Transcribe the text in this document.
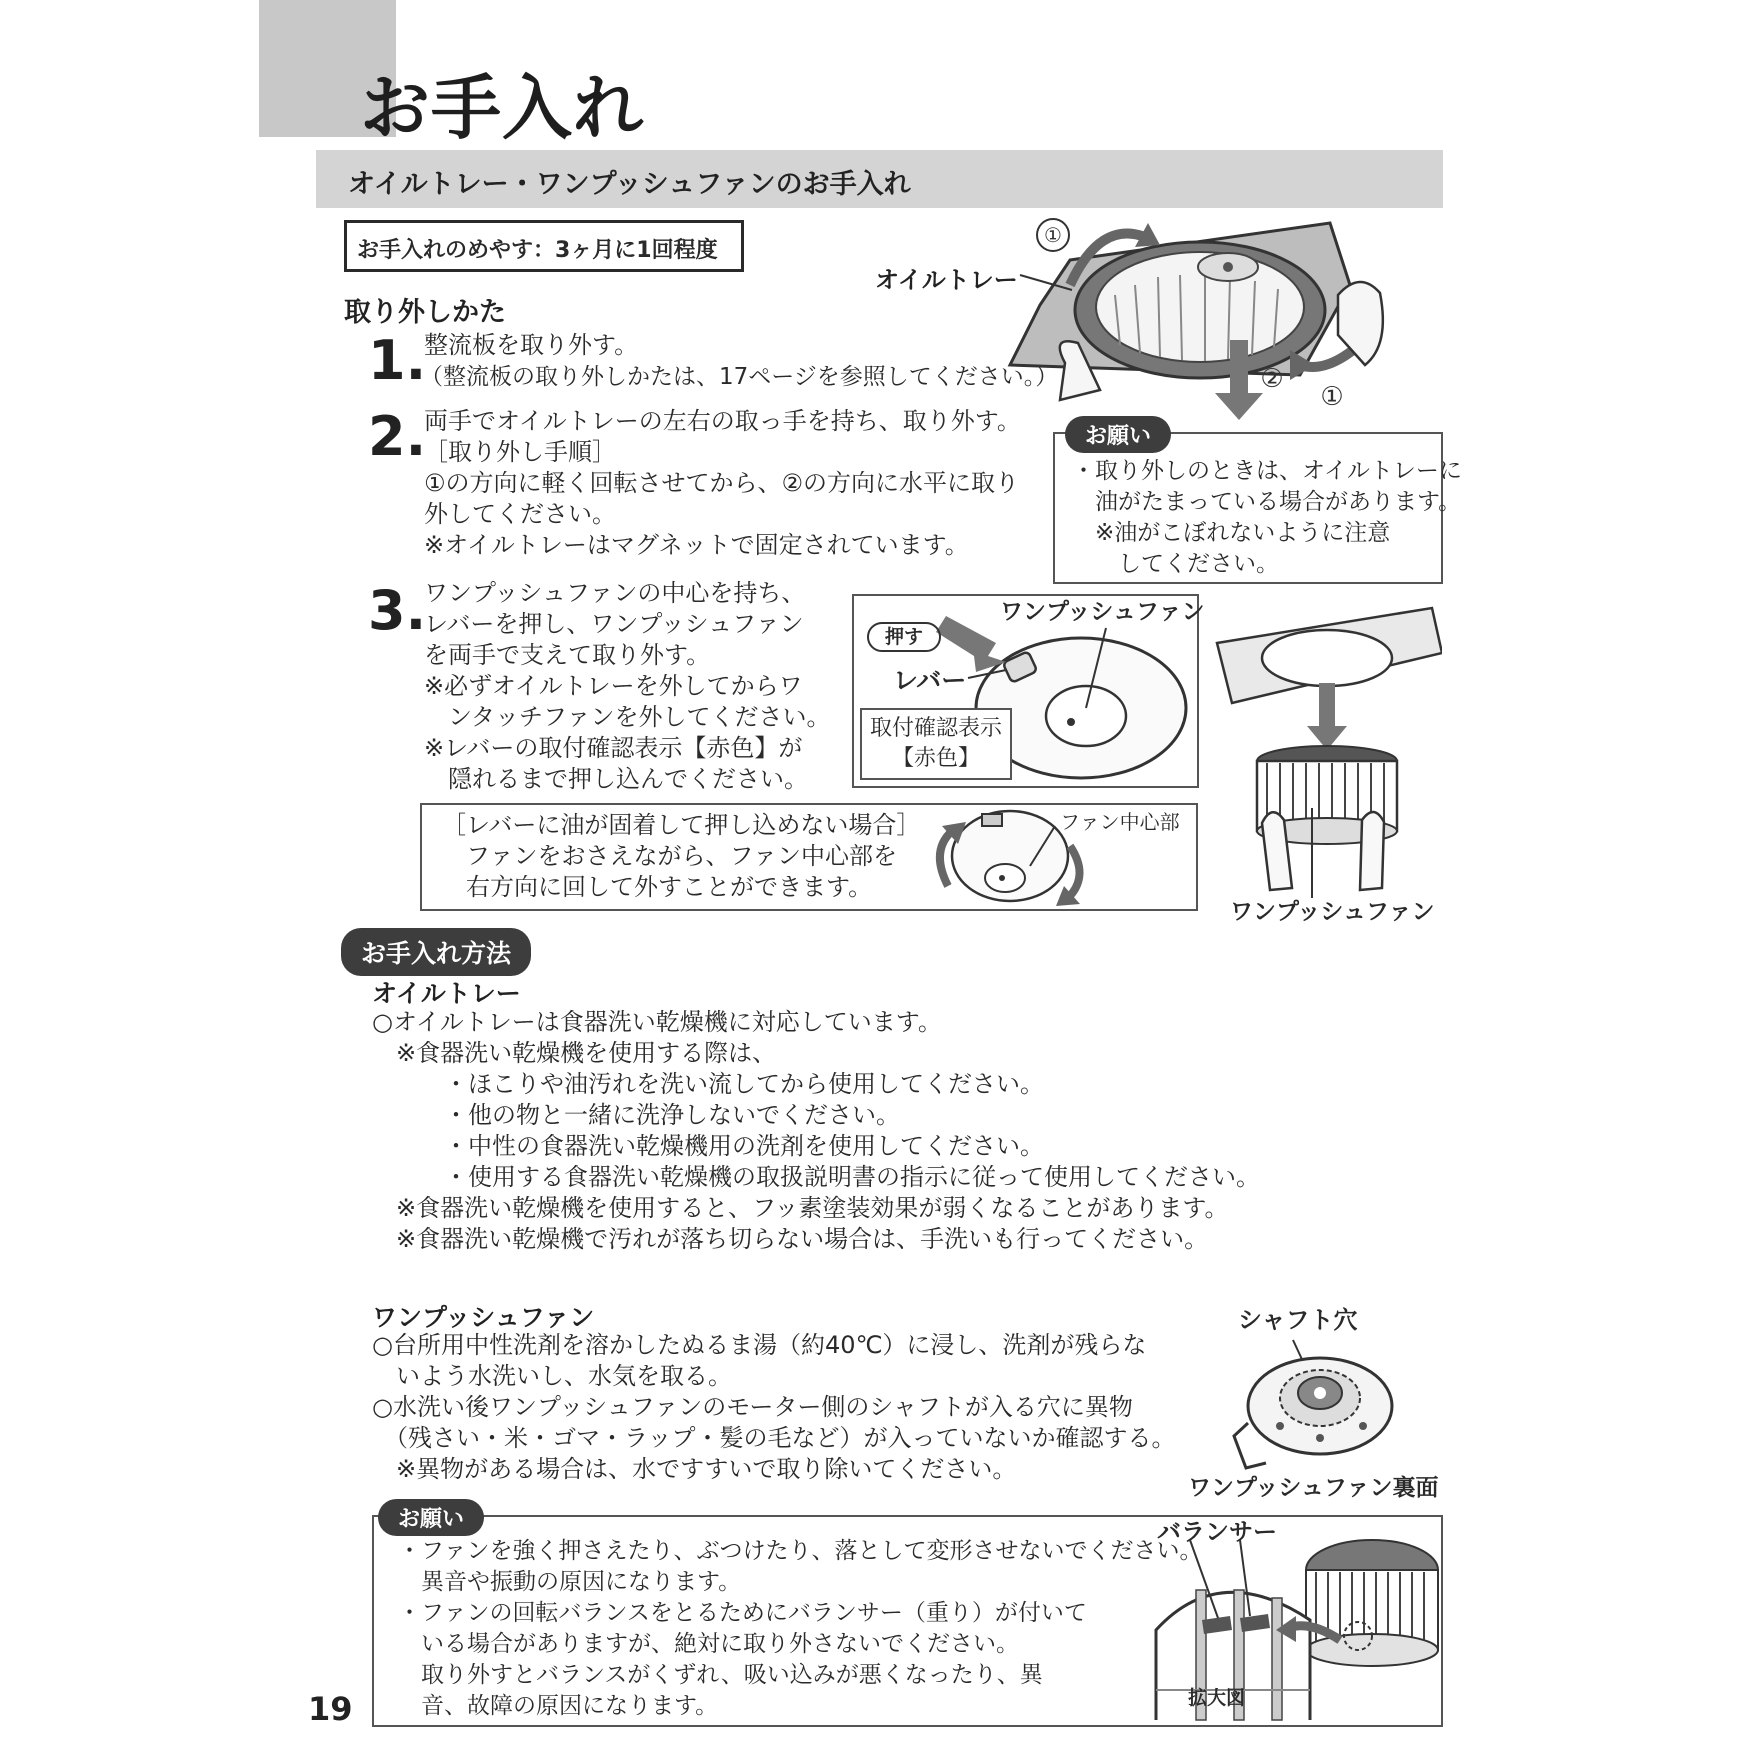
お手入れ
オイルトレー・ワンプッシュファンのお手入れ
お手入れのめやす：3ヶ月に1回程度
取り外しかた
1.
整流板を取り外す。
（整流板の取り外しかたは、17ページを参照してください。）
2.
両手でオイルトレーの左右の取っ手を持ち、取り外す。
［取り外し手順］
①の方向に軽く回転させてから、②の方向に水平に取り
外してください。
※オイルトレーはマグネットで固定されています。
3.
ワンプッシュファンの中心を持ち、
レバーを押し、ワンプッシュファン
を両手で支えて取り外す。
※必ずオイルトレーを外してからワ
　ンタッチファンを外してください。
※レバーの取付確認表示【赤色】が
　隠れるまで押し込んでください。
①
②
①
オイルトレー
お願い
・取り外しのときは、オイルトレーに
　油がたまっている場合があります。
　※油がこぼれないように注意
　　してください。
押す
ワンプッシュファン
レバー
取付確認表示
【赤色】
ワンプッシュファン
［レバーに油が固着して押し込めない場合］
　ファンをおさえながら、ファン中心部を
　右方向に回して外すことができます。
ファン中心部
お手入れ方法
オイルトレー
○オイルトレーは食器洗い乾燥機に対応しています。
　※食器洗い乾燥機を使用する際は、
　　　・ほこりや油汚れを洗い流してから使用してください。
　　　・他の物と一緒に洗浄しないでください。
　　　・中性の食器洗い乾燥機用の洗剤を使用してください。
　　　・使用する食器洗い乾燥機の取扱説明書の指示に従って使用してください。
　※食器洗い乾燥機を使用すると、フッ素塗装効果が弱くなることがあります。
　※食器洗い乾燥機で汚れが落ち切らない場合は、手洗いも行ってください。
ワンプッシュファン
○台所用中性洗剤を溶かしたぬるま湯（約40℃）に浸し、洗剤が残らな
　いよう水洗いし、水気を取る。
○水洗い後ワンプッシュファンのモーター側のシャフトが入る穴に異物
　（残さい・米・ゴマ・ラップ・髪の毛など）が入っていないか確認する。
　※異物がある場合は、水ですすいで取り除いてください。
シャフト穴
ワンプッシュファン裏面
お願い
・ファンを強く押さえたり、ぶつけたり、落として変形させないでください。
　異音や振動の原因になります。
・ファンの回転バランスをとるためにバランサー（重り）が付いて
　いる場合がありますが、絶対に取り外さないでください。
　取り外すとバランスがくずれ、吸い込みが悪くなったり、異
　音、故障の原因になります。
バランサー
拡大図
19
